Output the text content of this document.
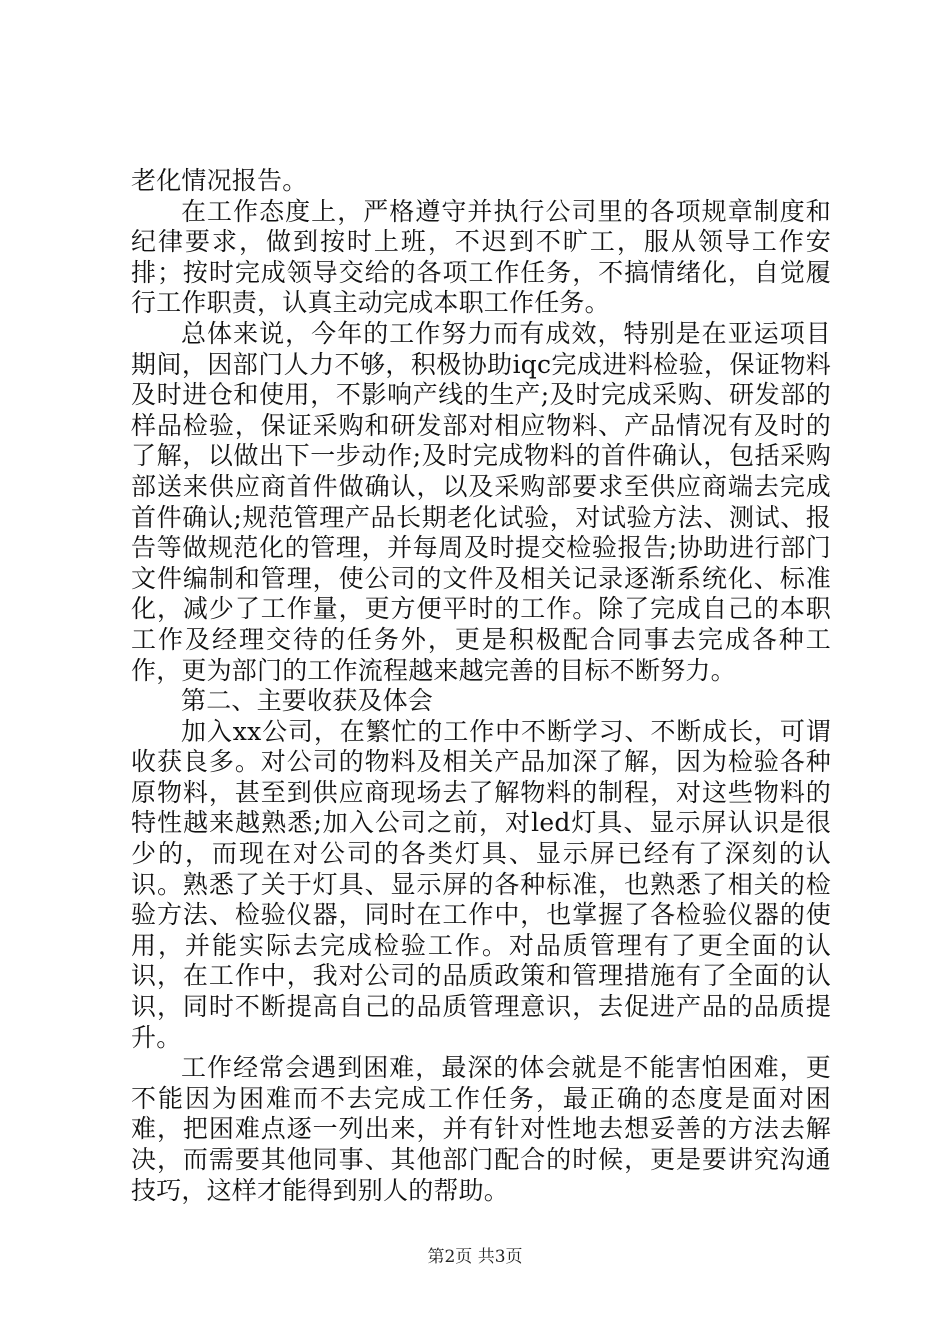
老化情况报告。

在工作态度上，严格遵守并执行公司里的各项规章制度和纪律要求，做到按时上班，不迟到不旷工，服从领导工作安排；按时完成领导交给的各项工作任务，不搞情绪化，自觉履行工作职责，认真主动完成本职工作任务。

总体来说，今年的工作努力而有成效，特别是在亚运项目期间，因部门人力不够，积极协助iqc完成进料检验，保证物料及时进仓和使用，不影响产线的生产;及时完成采购、研发部的样品检验，保证采购和研发部对相应物料、产品情况有及时的了解，以做出下一步动作;及时完成物料的首件确认，包括采购部送来供应商首件做确认，以及采购部要求至供应商端去完成首件确认;规范管理产品长期老化试验，对试验方法、测试、报告等做规范化的管理，并每周及时提交检验报告;协助进行部门文件编制和管理，使公司的文件及相关记录逐渐系统化、标准化，减少了工作量，更方便平时的工作。除了完成自己的本职工作及经理交待的任务外，更是积极配合同事去完成各种工作，更为部门的工作流程越来越完善的目标不断努力。

第二、主要收获及体会

加入xx公司，在繁忙的工作中不断学习、不断成长，可谓收获良多。对公司的物料及相关产品加深了解，因为检验各种原物料，甚至到供应商现场去了解物料的制程，对这些物料的特性越来越熟悉;加入公司之前，对led灯具、显示屏认识是很少的，而现在对公司的各类灯具、显示屏已经有了深刻的认识。熟悉了关于灯具、显示屏的各种标准，也熟悉了相关的检验方法、检验仪器，同时在工作中，也掌握了各检验仪器的使用，并能实际去完成检验工作。对品质管理有了更全面的认识，在工作中，我对公司的品质政策和管理措施有了全面的认识，同时不断提高自己的品质管理意识，去促进产品的品质提升。

工作经常会遇到困难，最深的体会就是不能害怕困难，更不能因为困难而不去完成工作任务，最正确的态度是面对困难，把困难点逐一列出来，并有针对性地去想妥善的方法去解决，而需要其他同事、其他部门配合的时候，更是要讲究沟通技巧，这样才能得到别人的帮助。

第2页 共3页
